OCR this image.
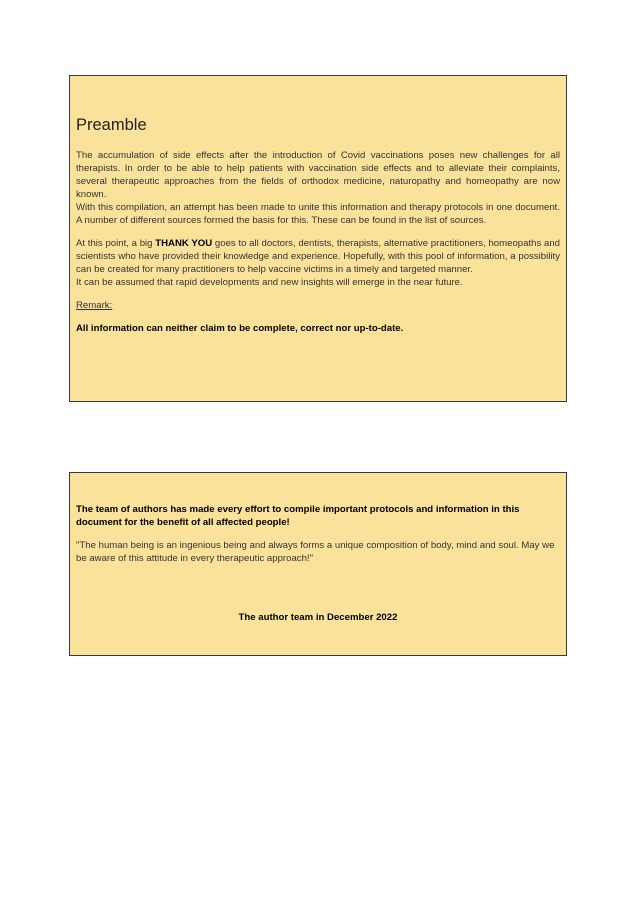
Preamble

The accumulation of side effects after the introduction of Covid vaccinations poses new challenges for all therapists. In order to be able to help patients with vaccination side effects and to alleviate their complaints, several therapeutic approaches from the fields of orthodox medicine, naturopathy and homeopathy are now known.

With this compilation, an attempt has been made to unite this information and therapy protocols in one document. A number of different sources formed the basis for this. These can be found in the list of sources.

At this point, a big THANK YOU goes to all doctors, dentists, therapists, alternative practitioners, homeopaths and scientists who have provided their knowledge and experience. Hopefully, with this pool of information, a possibility can be created for many practitioners to help vaccine victims in a timely and targeted manner.

It can be assumed that rapid developments and new insights will emerge in the near future.

Remark:

All information can neither claim to be complete, correct nor up-to-date.

The team of authors has made every effort to compile important protocols and information in this document for the benefit of all affected people!

"The human being is an ingenious being and always forms a unique composition of body, mind and soul. May we be aware of this attitude in every therapeutic approach!"

The author team in December 2022
